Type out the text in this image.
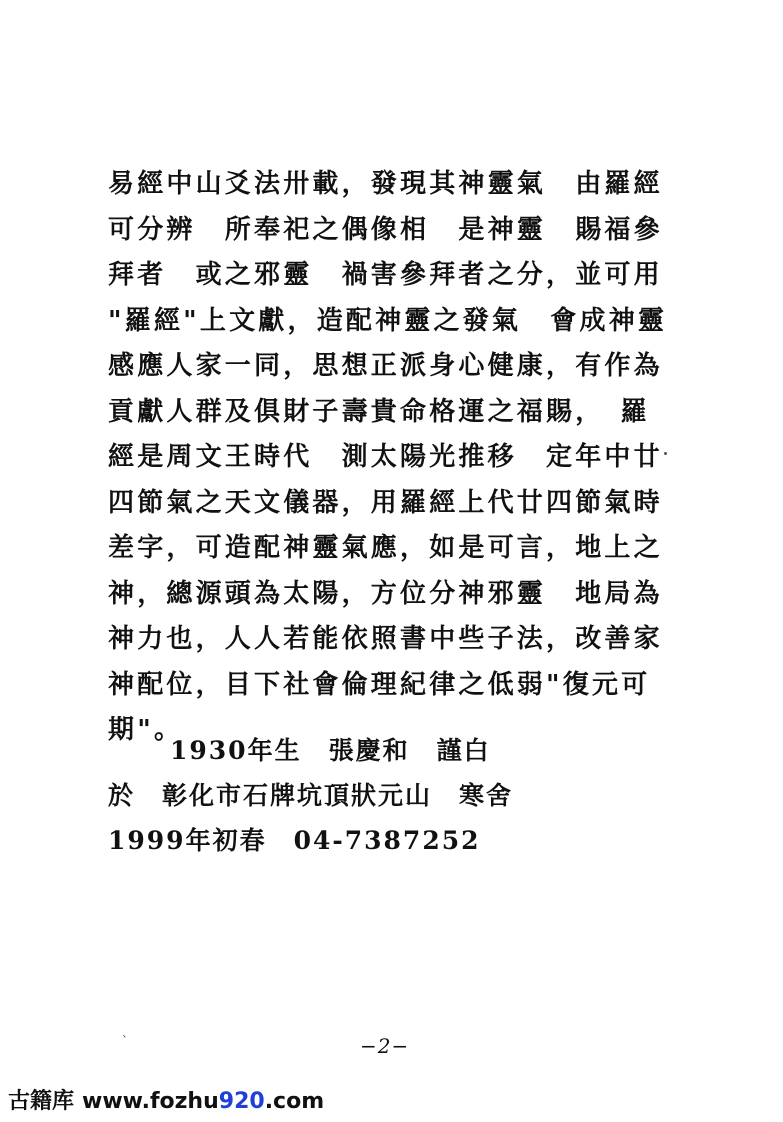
易經中山爻法卅載，發現其神靈氣　由羅經
可分辨　所奉祀之偶像相　是神靈　賜福參
拜者　或之邪靈　禍害參拜者之分，並可用
"羅經"上文獻，造配神靈之發氣　會成神靈
感應人家一同，思想正派身心健康，有作為
貢獻人群及俱財子壽貴命格運之福賜，　羅
經是周文王時代　測太陽光推移　定年中廿
四節氣之天文儀器，用羅經上代廿四節氣時
差字，可造配神靈氣應，如是可言，地上之
神，總源頭為太陽，方位分神邪靈　地局為
神力也，人人若能依照書中些子法，改善家
神配位，目下社會倫理紀律之低弱"復元可
期"。
1930年生　張慶和　謹白
於　彰化市石牌坑頂狀元山　寒舍
1999年初春　04-7387252
`	−2−
古籍库 www.fozhu920.com
